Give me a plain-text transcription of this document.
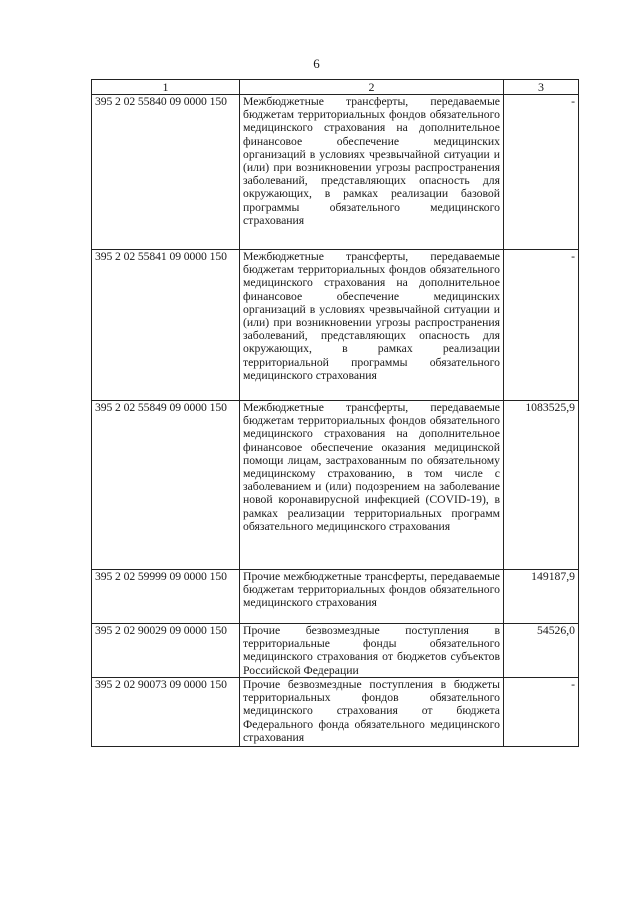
6
1	2	3
395 2 02 55840 09 0000 150	Межбюджетные трансферты, передаваемые бюджетам территориальных фондов обязательного медицинского страхования на дополнительное финансовое обеспечение медицинских организаций в условиях чрезвычайной ситуации и (или) при возникновении угрозы распространения заболеваний, представляющих опасность для окружающих, в рамках реализации базовой программы обязательного медицинского страхования	-
395 2 02 55841 09 0000 150	Межбюджетные трансферты, передаваемые бюджетам территориальных фондов обязательного медицинского страхования на дополнительное финансовое обеспечение медицинских организаций в условиях чрезвычайной ситуации и (или) при возникновении угрозы распространения заболеваний, представляющих опасность для окружающих, в рамках реализации территориальной программы обязательного медицинского страхования	-
395 2 02 55849 09 0000 150	Межбюджетные трансферты, передаваемые бюджетам территориальных фондов обязательного медицинского страхования на дополнительное финансовое обеспечение оказания медицинской помощи лицам, застрахованным по обязательному медицинскому страхованию, в том числе с заболеванием и (или) подозрением на заболевание новой коронавирусной инфекцией (COVID-19), в рамках реализации территориальных программ обязательного медицинского страхования	1083525,9
395 2 02 59999 09 0000 150	Прочие межбюджетные трансферты, передаваемые бюджетам территориальных фондов обязательного медицинского страхования	149187,9
395 2 02 90029 09 0000 150	Прочие безвозмездные поступления в территориальные фонды обязательного медицинского страхования от бюджетов субъектов Российской Федерации	54526,0
395 2 02 90073 09 0000 150	Прочие безвозмездные поступления в бюджеты территориальных фондов обязательного медицинского страхования от бюджета Федерального фонда обязательного медицинского страхования	-
